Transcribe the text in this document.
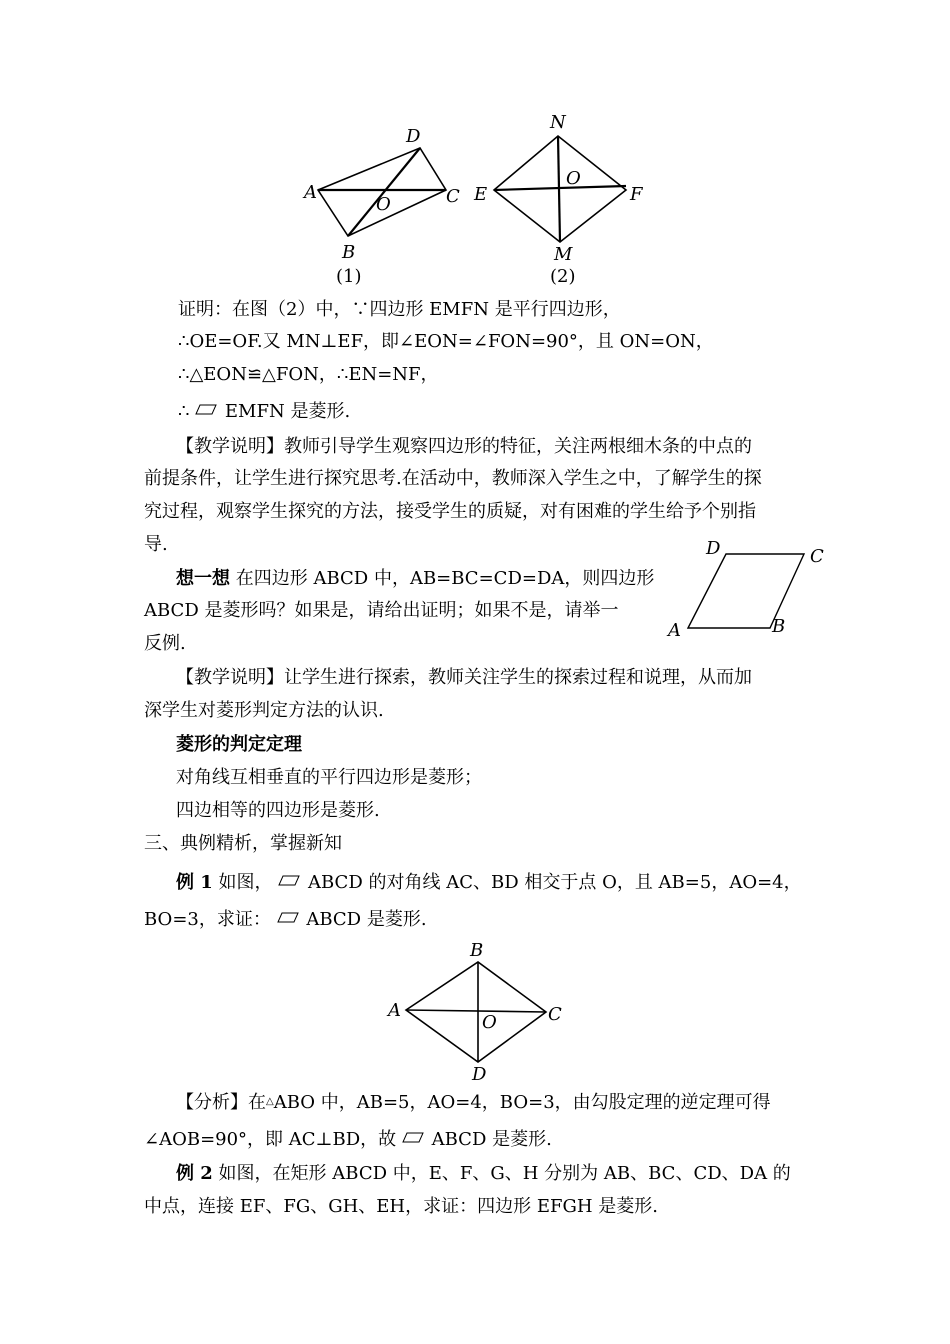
D
A	C
O
B
(1)
N
E
O
F
M
(2)
证明：在图（2）中，∵四边形 EMFN 是平行四边形，
∴OE=OF.又 MN⊥EF，即∠EON=∠FON=90°，且 ON=ON，
∴△EON≌△FON，∴EN=NF，
∴ EMFN 是菱形.
【教学说明】教师引导学生观察四边形的特征，关注两根细木条的中点的
前提条件，让学生进行探究思考.在活动中，教师深入学生之中，了解学生的探
究过程，观察学生探究的方法，接受学生的质疑，对有困难的学生给予个别指
导.
想一想 在四边形 ABCD 中，AB=BC=CD=DA，则四边形
ABCD 是菱形吗？如果是，请给出证明；如果不是，请举一
反例.
D	C
A	B
【教学说明】让学生进行探索，教师关注学生的探索过程和说理，从而加
深学生对菱形判定方法的认识.
菱形的判定定理
对角线互相垂直的平行四边形是菱形；
四边相等的四边形是菱形.
三、典例精析，掌握新知
例 1 如图， ABCD 的对角线 AC、BD 相交于点 O，且 AB=5，AO=4，
BO=3，求证： ABCD 是菱形.
B
A
O	C
D
【分析】在△ABO 中，AB=5，AO=4，BO=3，由勾股定理的逆定理可得
∠AOB=90°，即 AC⊥BD，故 ABCD 是菱形.
例 2 如图，在矩形 ABCD 中，E、F、G、H 分别为 AB、BC、CD、DA 的
中点，连接 EF、FG、GH、EH，求证：四边形 EFGH 是菱形.
